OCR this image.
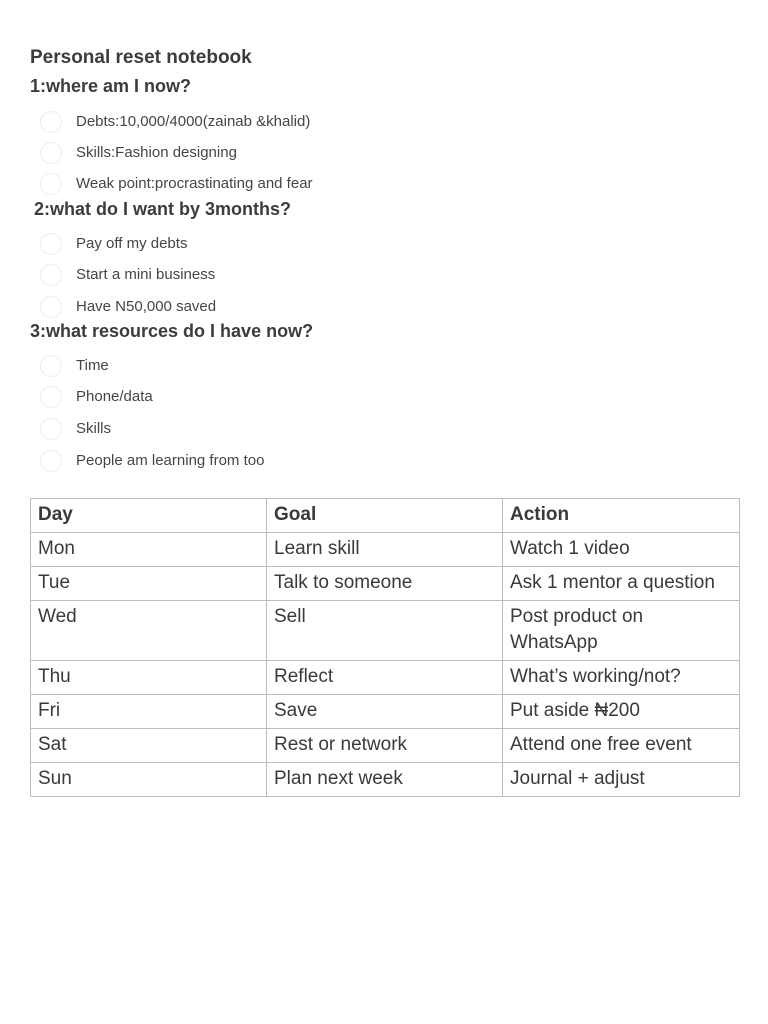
Personal reset notebook
1:where am I now?
Debts:10,000/4000(zainab &khalid)
Skills:Fashion designing
Weak point:procrastinating and fear
2:what do I want by 3months?
Pay off my debts
Start a mini business
Have N50,000 saved
3:what resources do I have now?
Time
Phone/data
Skills
People am learning from too
Day	Goal	Action
Mon	Learn skill	Watch 1 video
Tue	Talk to someone	Ask 1 mentor a question
Wed	Sell	Post product on WhatsApp
Thu	Reflect	What’s working/not?
Fri	Save	Put aside ₦200
Sat	Rest or network	Attend one free event
Sun	Plan next week	Journal + adjust
